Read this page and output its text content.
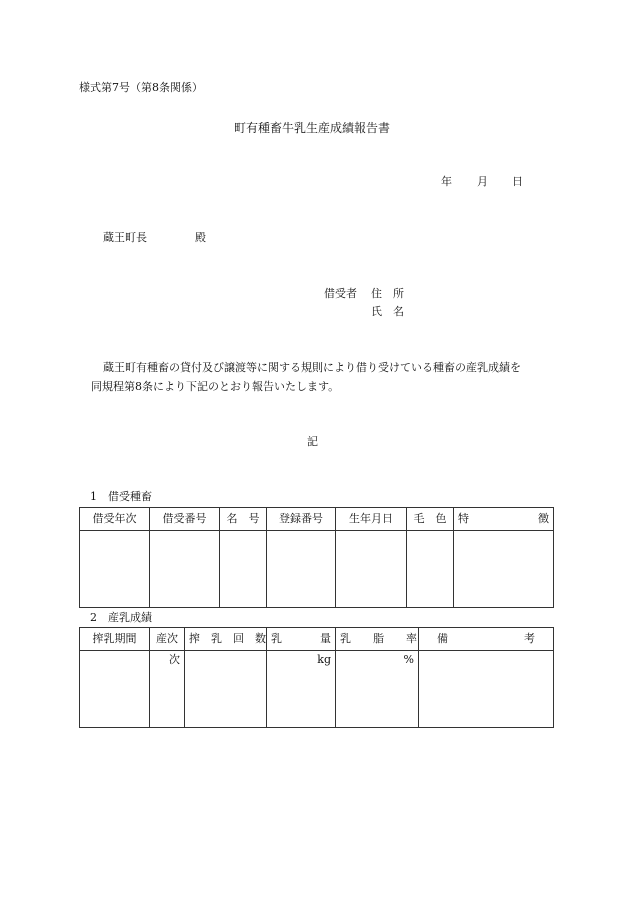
様式第7号（第8条関係）
町有種畜牛乳生産成績報告書
年 月 日
蔵王町長	殿
借受者 住　所
氏　名
蔵王町有種畜の貸付及び譲渡等に関する規則により借り受けている種畜の産乳成績を
同規程第8条により下記のとおり報告いたします。
記
1　借受種畜
借受年次	借受番号	名　号	登録番号	生年月日	毛　色	特 徴

2　産乳成績
搾乳期間	産次	搾　乳　回　数	乳 量	乳　　脂　　率	備 考

	次		kg	%	
